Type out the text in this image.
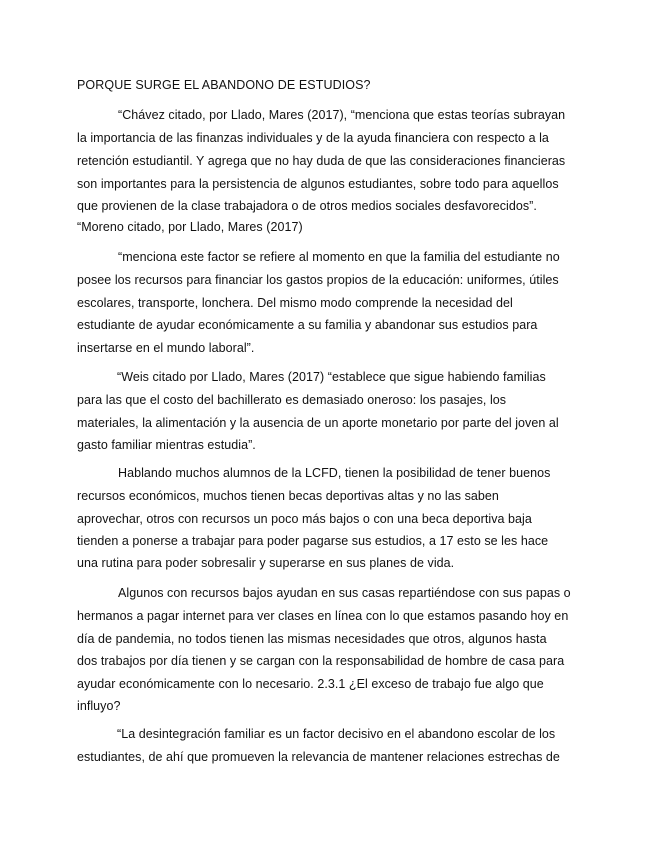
PORQUE SURGE EL ABANDONO DE ESTUDIOS?
“Chávez citado, por Llado, Mares (2017), “menciona que estas teorías subrayan
la importancia de las finanzas individuales y de la ayuda financiera con respecto a la
retención estudiantil. Y agrega que no hay duda de que las consideraciones financieras
son importantes para la persistencia de algunos estudiantes, sobre todo para aquellos
que provienen de la clase trabajadora o de otros medios sociales desfavorecidos”.
“Moreno citado, por Llado, Mares (2017)
“menciona este factor se refiere al momento en que la familia del estudiante no
posee los recursos para financiar los gastos propios de la educación: uniformes, útiles
escolares, transporte, lonchera. Del mismo modo comprende la necesidad del
estudiante de ayudar económicamente a su familia y abandonar sus estudios para
insertarse en el mundo laboral”.
“Weis citado por Llado, Mares (2017) “establece que sigue habiendo familias
para las que el costo del bachillerato es demasiado oneroso: los pasajes, los
materiales, la alimentación y la ausencia de un aporte monetario por parte del joven al
gasto familiar mientras estudia”.
Hablando muchos alumnos de la LCFD, tienen la posibilidad de tener buenos
recursos económicos, muchos tienen becas deportivas altas y no las saben
aprovechar, otros con recursos un poco más bajos o con una beca deportiva baja
tienden a ponerse a trabajar para poder pagarse sus estudios, a 17 esto se les hace
una rutina para poder sobresalir y superarse en sus planes de vida.
Algunos con recursos bajos ayudan en sus casas repartiéndose con sus papas o
hermanos a pagar internet para ver clases en línea con lo que estamos pasando hoy en
día de pandemia, no todos tienen las mismas necesidades que otros, algunos hasta
dos trabajos por día tienen y se cargan con la responsabilidad de hombre de casa para
ayudar económicamente con lo necesario. 2.3.1 ¿El exceso de trabajo fue algo que
influyo?
“La desintegración familiar es un factor decisivo en el abandono escolar de los
estudiantes, de ahí que promueven la relevancia de mantener relaciones estrechas de
